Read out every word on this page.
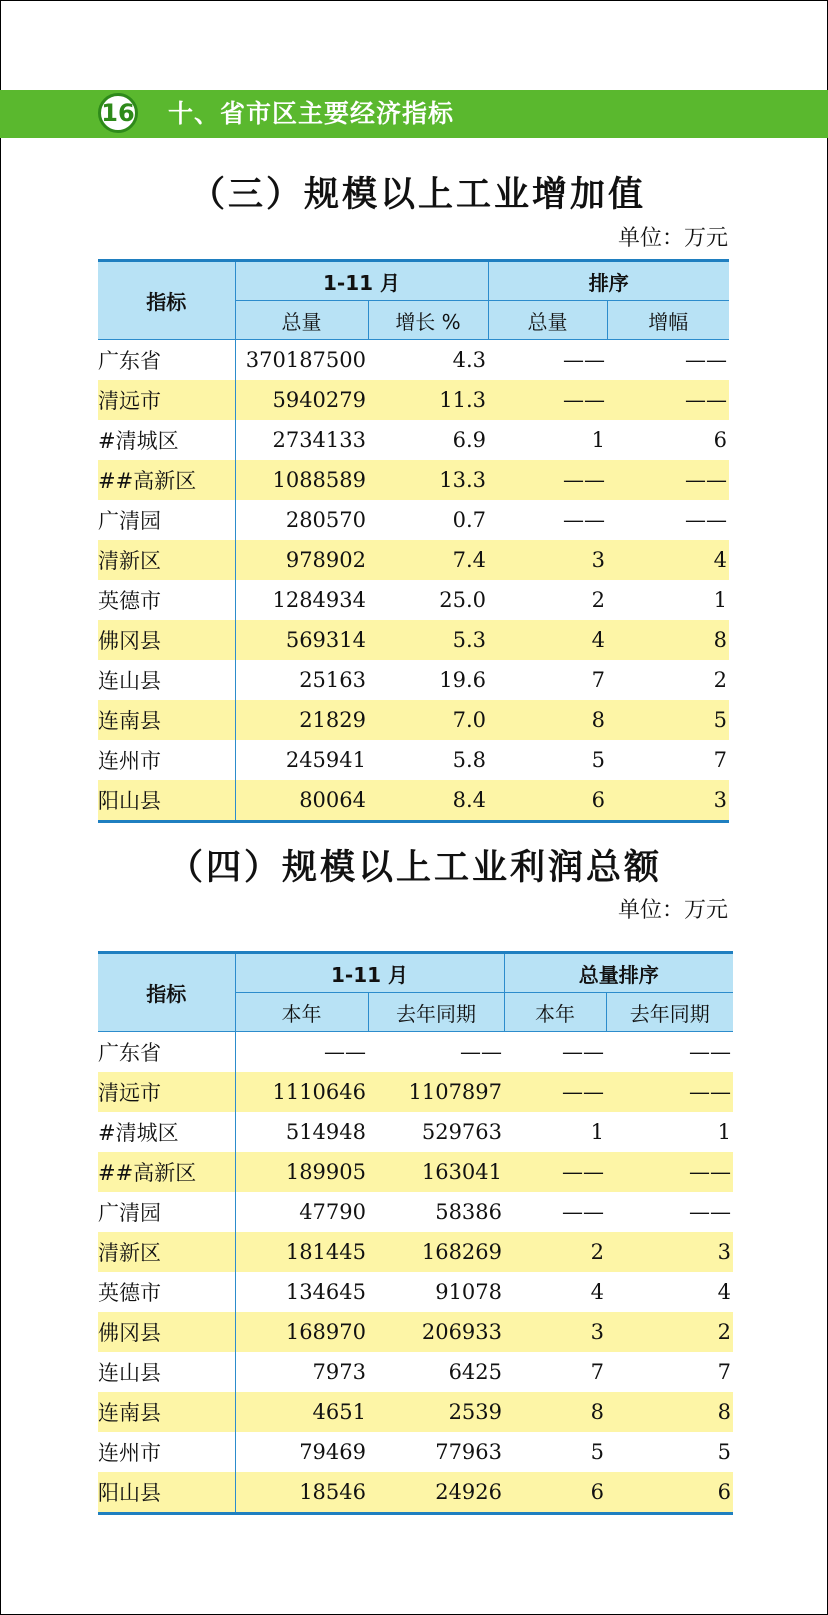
16 十、省市区主要经济指标
（三）规模以上工业增加值
单位：万元
指标	1-11 月		排序	
	总量	增长 %	总量	增幅
广东省	370187500	4.3	——	——
清远市	5940279	11.3	——	——
#清城区	2734133	6.9	1	6
##高新区	1088589	13.3	——	——
广清园	280570	0.7	——	——
清新区	978902	7.4	3	4
英德市	1284934	25.0	2	1
佛冈县	569314	5.3	4	8
连山县	25163	19.6	7	2
连南县	21829	7.0	8	5
连州市	245941	5.8	5	7
阳山县	80064	8.4	6	3
（四）规模以上工业利润总额
单位：万元
指标	1-11 月		总量排序	
	本年	去年同期	本年	去年同期
广东省	——	——	——	——
清远市	1110646	1107897	——	——
#清城区	514948	529763	1	1
##高新区	189905	163041	——	——
广清园	47790	58386	——	——
清新区	181445	168269	2	3
英德市	134645	91078	4	4
佛冈县	168970	206933	3	2
连山县	7973	6425	7	7
连南县	4651	2539	8	8
连州市	79469	77963	5	5
阳山县	18546	24926	6	6
